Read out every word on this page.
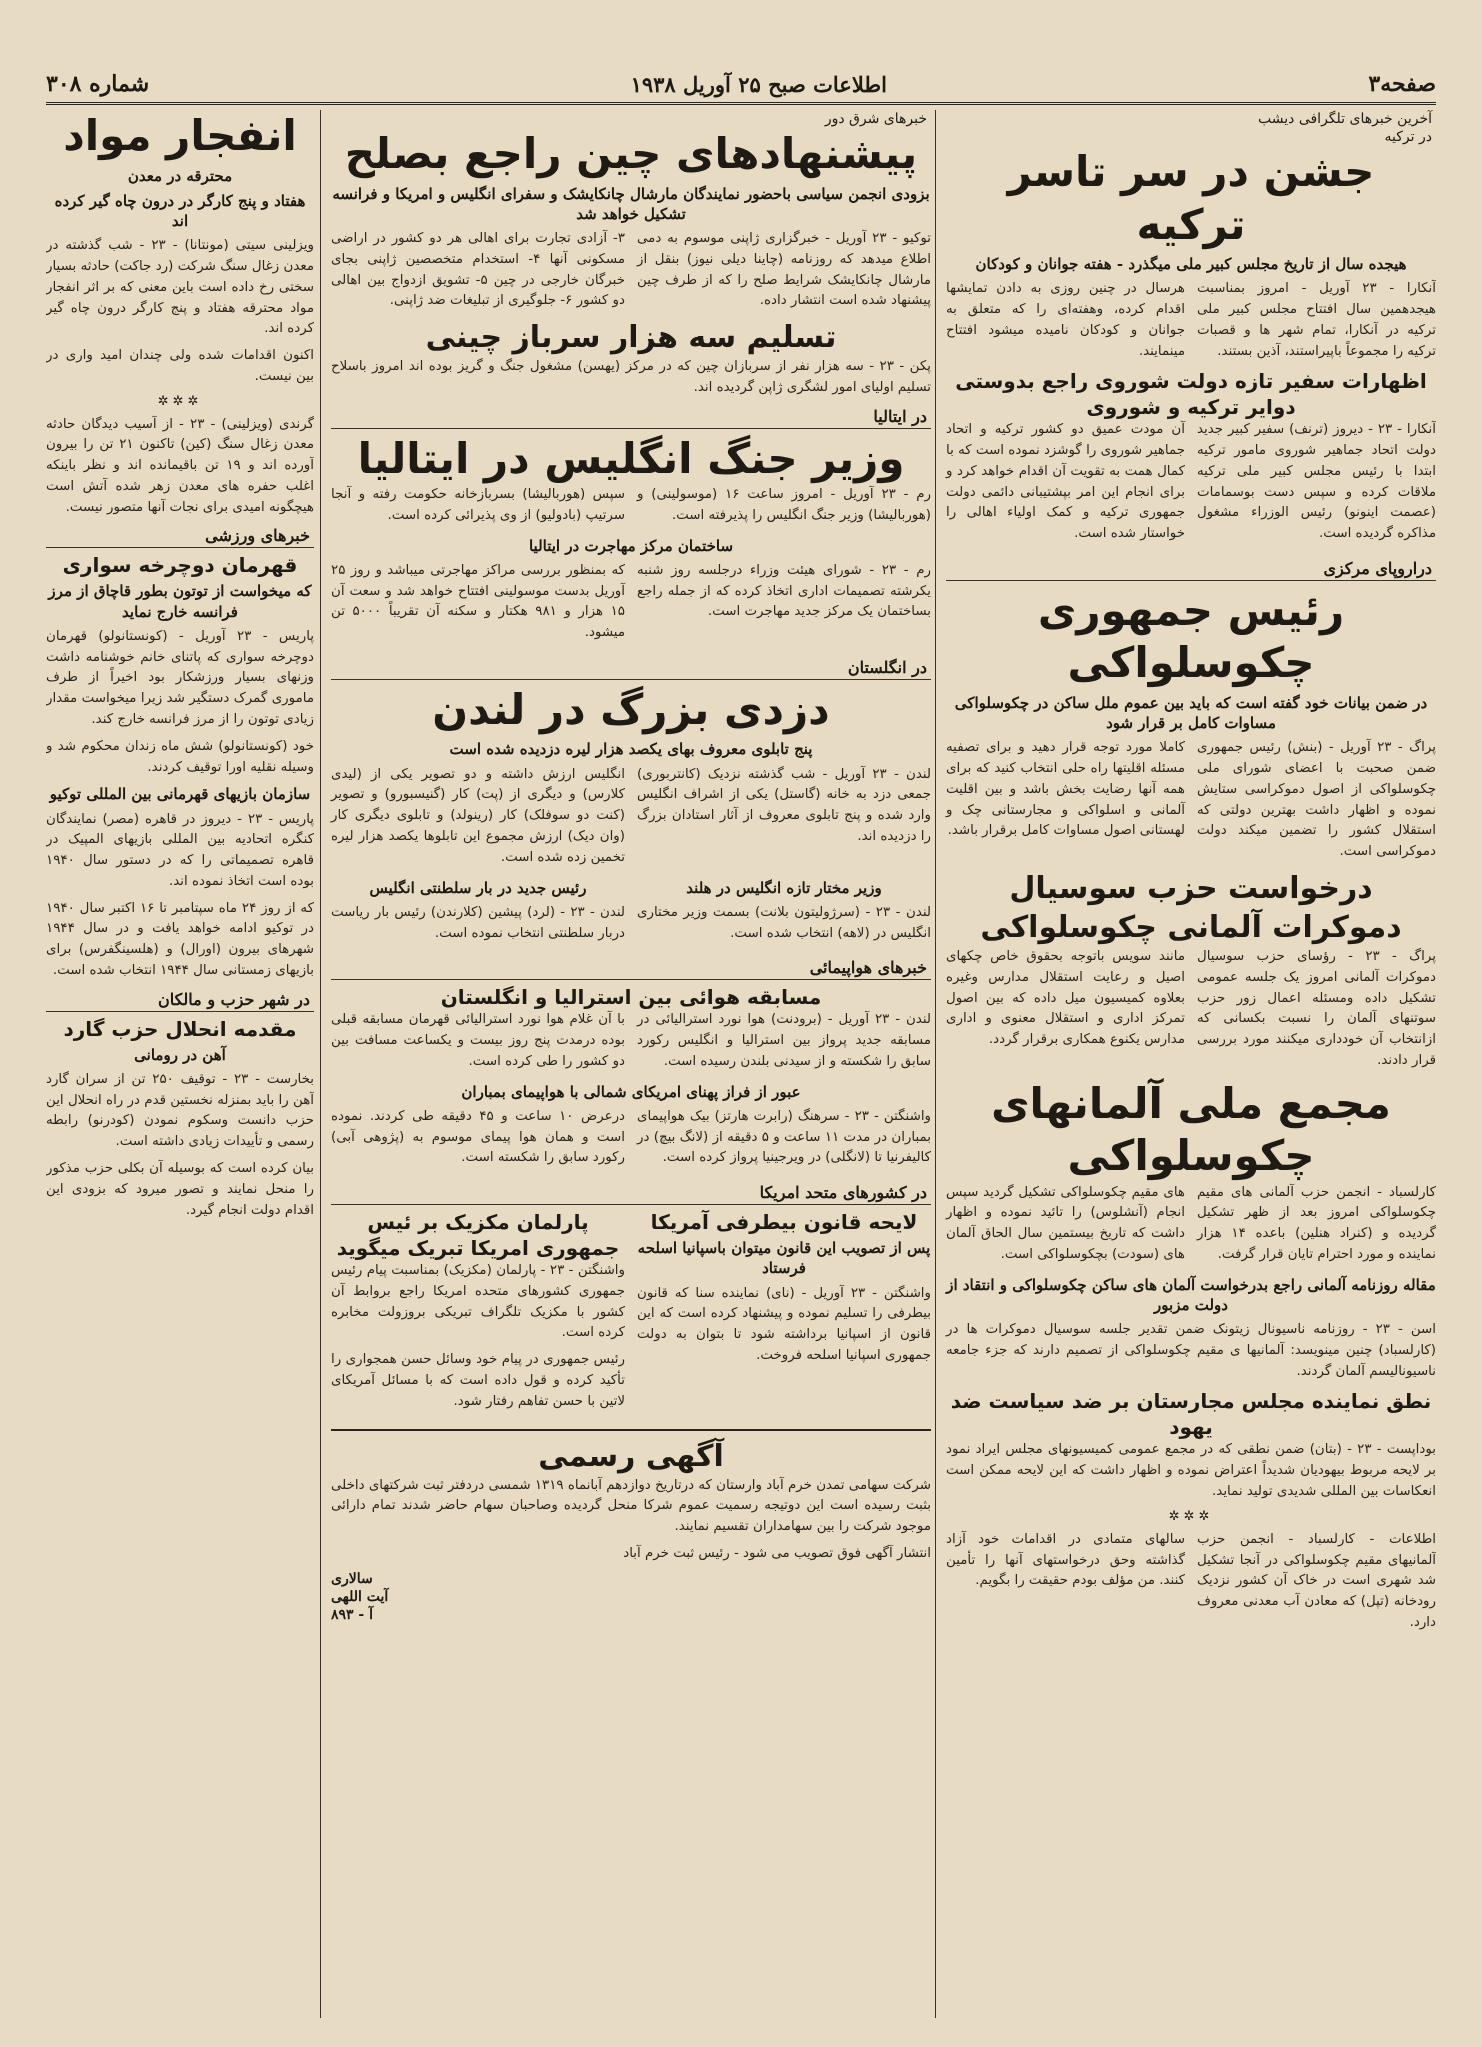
صفحه۳
اطلاعات صبح ۲۵ آوریل ۱۹۳۸
شماره ۳۰۸
آخرین خبرهای تلگرافی دیشب
در ترکیه
جشن در سر تاسر ترکیه
هیجده سال از تاریخ مجلس کبیر ملی میگذرد - هفته جوانان و کودکان

آنکارا - ۲۳ آوریل - امروز بمناسبت هیجدهمین سال افتتاح مجلس کبیر ملی ترکیه در آنکارا، تمام شهر ها و قصبات ترکیه را مجموعاً باپیراستند، آذین بستند.

هرسال در چنین روزی به دادن تمایشها اقدام کرده، وهفته‌ای را که متعلق به جوانان و کودکان نامیده میشود افتتاح مینمایند.

اظهارات سفیر تازه دولت شوروی راجع بدوستی دوایر ترکیه و شوروی

آنکارا - ۲۳ - دیروز (ترنف) سفیر کبیر جدید دولت اتحاد جماهیر شوروی مامور ترکیه ابتدا با رئیس مجلس کبیر ملی ترکیه ملاقات کرده و سپس دست بوسمامات (عصمت اینونو) رئیس الوزراء مشغول مذاکره گردیده است.

آن مودت عمیق دو کشور ترکیه و اتحاد جماهیر شوروی را گوشزد نموده است که با کمال همت به تقویت آن اقدام خواهد کرد و برای انجام این امر بپشتیبانی دائمی دولت جمهوری ترکیه و کمک اولیاء اهالی را خواستار شده است.

دراروپای مرکزی
رئیس جمهوری چکوسلواکی
در ضمن بیانات خود گفته است که باید بین عموم ملل ساکن در چکوسلواکی مساوات کامل بر قرار شود

پراگ - ۲۳ آوریل - (بنش) رئیس جمهوری ضمن صحبت با اعضای شورای ملی چکوسلواکی از اصول دموکراسی ستایش نموده و اظهار داشت بهترین دولتی که استقلال کشور را تضمین میکند دولت دموکراسی است.

کاملا مورد توجه قرار دهید و برای تصفیه مسئله اقلیتها راه حلی انتخاب کنید که برای همه آنها رضایت بخش باشد و بین اقلیت آلمانی و اسلواکی و مجارستانی چک و لهستانی اصول مساوات کامل برقرار باشد.

درخواست حزب سوسیال دموکرات آلمانی چکوسلواکی

پراگ - ۲۳ - رؤسای حزب سوسیال دموکرات آلمانی امروز یک جلسه عمومی تشکیل داده ومسئله اعمال زور حزب سوتنهای آلمان را نسبت بکسانی که ازانتخاب آن خودداری میکنند مورد بررسی قرار دادند.

مانند سویس باتوجه بحقوق خاص چکهای اصیل و رعایت استقلال مدارس وغیره بعلاوه کمیسیون میل داده که بین اصول تمرکز اداری و استقلال معنوی و اداری مدارس یکنوع همکاری برقرار گردد.

مجمع ملی آلمانهای چکوسلواکی

کارلسباد - انجمن حزب آلمانی های مقیم چکوسلواکی امروز بعد از ظهر تشکیل گردیده و (کنراد هنلین) باعده ۱۴ هزار نماینده و مورد احترام تایان قرار گرفت.

های مقیم چکوسلواکی تشکیل گردید سپس انجام (آنشلوس) را تائید نموده و اظهار داشت که تاریخ بیستمین سال الحاق آلمان های (سودت) بچکوسلواکی است.

مقاله روزنامه آلمانی راجع بدرخواست آلمان های ساکن چکوسلواکی و انتقاد از دولت مزبور

اسن - ۲۳ - روزنامه ناسیونال زیتونک ضمن تقدیر جلسه سوسیال دموکرات ها در (کارلسباد) چنین مینویسد: آلمانیها ی مقیم چکوسلواکی از تصمیم دارند که جزء جامعه ناسیونالیسم آلمان گردند.

نطق نماینده مجلس مجارستان بر ضد سیاست ضد یهود

بوداپست - ۲۳ - (بتان) ضمن نطقی که در مجمع عمومی کمیسیونهای مجلس ایراد نمود بر لایحه مربوط بیهودیان شدیداً اعتراض نموده و اظهار داشت که این لایحه ممکن است انعکاسات بین المللی شدیدی تولید نماید.

✲✲✲

اطلاعات - کارلسباد - انجمن حزب آلمانیهای مقیم چکوسلواکی در آنجا تشکیل شد شهری است در خاک آن کشور نزدیک رودخانه (تپل) که معادن آب معدنی معروف دارد.

سالهای متمادی در اقدامات خود آزاد گذاشته وحق درخواستهای آنها را تأمین کنند. من مؤلف بودم حقیقت را بگویم.

خبرهای شرق دور
پیشنهادهای چین راجع بصلح
بزودی انجمن سیاسی باحضور نمایندگان مارشال چانکایشک و سفرای انگلیس و امریکا و فرانسه تشکیل خواهد شد

توکیو - ۲۳ آوریل - خبرگزاری ژاپنی موسوم به دمی اطلاع میدهد که روزنامه (چاینا دیلی نیوز) بنقل از مارشال چانکایشک شرایط صلح را که از طرف چین پیشنهاد شده است انتشار داده.

۳- آزادی تجارت برای اهالی هر دو کشور در اراضی مسکونی آنها ۴- استخدام متخصصین ژاپنی بجای خبرگان خارجی در چین ۵- تشویق ازدواج بین اهالی دو کشور ۶- جلوگیری از تبلیغات ضد ژاپنی.

تسلیم سه هزار سرباز چینی

پکن - ۲۳ - سه هزار نفر از سربازان چین که در مرکز (یهسن) مشغول جنگ و گریز بوده اند امروز باسلاح تسلیم اولیای امور لشگری ژاپن گردیده اند.

در ایتالیا
وزیر جنگ انگلیس در ایتالیا

رم - ۲۳ آوریل - امروز ساعت ۱۶ (موسولینی) و (هورباليشا) وزیر جنگ انگلیس را پذیرفته است.

سپس (هورباليشا) بسربازخانه حکومت رفته و آنجا سرتیپ (بادولیو) از وی پذیرائی کرده است.

ساختمان مرکز مهاجرت در ایتالیا

رم - ۲۳ - شورای هیئت وزراء درجلسه روز شنبه یکرشته تصمیمات اداری اتخاذ کرده که از جمله راجع بساختمان یک مرکز جدید مهاجرت است.

که بمنظور بررسی مراکز مهاجرتی میباشد و روز ۲۵ آوریل بدست موسولینی افتتاح خواهد شد و سعت آن ۱۵ هزار و ۹۸۱ هکتار و سکنه آن تقریباً ۵۰۰۰ تن میشود.

در انگلستان
دزدی بزرگ در لندن
پنج تابلوی معروف بهای یکصد هزار لیره دزدیده شده است

لندن - ۲۳ آوریل - شب گذشته نزدیک (کانتربوری) جمعی دزد به خانه (گاستل) یکی از اشراف انگلیس وارد شده و پنج تابلوی معروف از آثار استادان بزرگ را دزدیده اند.

انگلیس ارزش داشته و دو تصویر یکی از (لیدی کلارس) و دیگری از (پت) کار (گنیسبورو) و تصویر (کنت دو سوفلک) کار (رینولد) و تابلوی دیگری کار (وان دیک) ارزش مجموع این تابلوها یکصد هزار لیره تخمین زده شده است.

وزیر مختار تازه انگلیس در هلند

لندن - ۲۳ - (سرژولیتون بلانت) بسمت وزیر مختاری انگلیس در (لاهه) انتخاب شده است.

رئیس جدید در بار سلطنتی انگلیس

لندن - ۲۳ - (لرد) پیشین (کلارندن) رئیس بار ریاست دربار سلطنتی انتخاب نموده است.

خبرهای هواپیمائی
مسابقه هوائی بین استرالیا و انگلستان

لندن - ۲۳ آوریل - (برودنت) هوا نورد استرالیائی در مسابقه جدید پرواز بین استرالیا و انگلیس رکورد سابق را شکسته و از سیدنی بلندن رسیده است.

با آن غلام هوا نورد استرالیائی قهرمان مسابقه قبلی بوده درمدت پنج روز بیست و یکساعت مسافت بین دو کشور را طی کرده است.

عبور از فراز پهنای امریکای شمالی با هواپیمای بمباران

واشنگتن - ۲۳ - سرهنگ (رابرت هارتز) بیک هواپیمای بمباران در مدت ۱۱ ساعت و ۵ دقیقه از (لانگ بیچ) در کالیفرنیا تا (لانگلی) در ویرجینیا پرواز کرده است.

درعرض ۱۰ ساعت و ۴۵ دقیقه طی کردند. نموده است و همان هوا پیمای موسوم به (پژوهی آبی) رکورد سابق را شکسته است.

در کشورهای متحد امریکا
لایحه قانون بیطرفی آمریکا
پس از تصویب این قانون میتوان باسپانیا اسلحه فرستاد

واشنگتن - ۲۳ آوریل - (نای) نماینده سنا که قانون بیطرفی را تسلیم نموده و پیشنهاد کرده است که این قانون از اسپانیا برداشته شود تا بتوان به دولت جمهوری اسپانیا اسلحه فروخت.

پارلمان مکزیک بر ئیس جمهوری امریکا تبریک میگوید

واشنگتن - ۲۳ - پارلمان (مکزیک) بمناسبت پیام رئیس جمهوری کشورهای متحده امریکا راجع بروابط آن کشور با مکزیک تلگراف تبریکی بروزولت مخابره کرده است.

رئیس جمهوری در پیام خود وسائل حسن همجواری را تأکید کرده و قول داده است که با مسائل آمریکای لاتین با حسن تفاهم رفتار شود.

آگهی رسمی

شرکت سهامی تمدن خرم آباد وارستان که درتاریخ دوازدهم آبانماه ۱۳۱۹ شمسی دردفتر ثبت شرکتهای داخلی بثبت رسیده است این دوتیجه رسمیت عموم شرکا منحل گردیده وصاحبان سهام حاضر شدند تمام دارائی موجود شرکت را بین سهامداران تقسیم نمایند.

انتشار آگهی فوق تصویب می شود - رئیس ثبت خرم آباد

سالاری
آیت اللهی
آ - ۸۹۳
انفجار مواد
محترقه در معدن
هفتاد و پنج کارگر در درون چاه گیر کرده اند

ویزلینی سیتی (مونتانا) - ۲۳ - شب گذشته در معدن زغال سنگ شرکت (رد جاکت) حادثه بسیار سختی رخ داده است باین معنی که بر اثر انفجار مواد محترقه هفتاد و پنج کارگر درون چاه گیر کرده اند.

اکنون اقدامات شده ولی چندان امید واری در بین نیست.

✲✲✲

گرندی (ویزلینی) - ۲۳ - از آسیب دیدگان حادثه معدن زغال سنگ (کین) تاکنون ۲۱ تن را بیرون آورده اند و ۱۹ تن باقیمانده اند و نظر باینکه اغلب حفره های معدن زهر شده آتش است هیچگونه امیدی برای نجات آنها متصور نیست.

خبرهای ورزشی
قهرمان دوچرخه سواری
که میخواست از توتون بطور قاچاق از مرز فرانسه خارج نماید

پاریس - ۲۳ آوریل - (کونستانولو) قهرمان دوچرخه سواری که پاتنای خانم خوشنامه داشت وزنهای بسیار ورزشکار بود اخیراً از طرف ماموری گمرک دستگیر شد زیرا میخواست مقدار زیادی توتون را از مرز فرانسه خارج کند.

خود (کونستانولو) شش ماه زندان محکوم شد و وسیله نقلیه اورا توقیف کردند.

سازمان بازیهای قهرمانی بین المللی توکیو

پاریس - ۲۳ - دیروز در قاهره (مصر) نمایندگان کنگره اتحادیه بین المللی بازیهای المپیک در قاهره تصمیماتی را که در دستور سال ۱۹۴۰ بوده است اتخاذ نموده اند.

که از روز ۲۴ ماه سپتامبر تا ۱۶ اکتبر سال ۱۹۴۰ در توکیو ادامه خواهد یافت و در سال ۱۹۴۴ شهرهای بیرون (اورال) و (هلسینگفرس) برای بازیهای زمستانی سال ۱۹۴۴ انتخاب شده است.

در شهر حزب و مالکان
مقدمه انحلال حزب گارد
آهن در رومانی

بخارست - ۲۳ - توقیف ۲۵۰ تن از سران گارد آهن را باید بمنزله نخستین قدم در راه انحلال این حزب دانست وسکوم نمودن (کودرنو) رابطه رسمی و تأییدات زیادی داشته است.

بیان کرده است که بوسیله آن بکلی حزب مذکور را منحل نمایند و تصور میرود که بزودی این اقدام دولت انجام گیرد.
